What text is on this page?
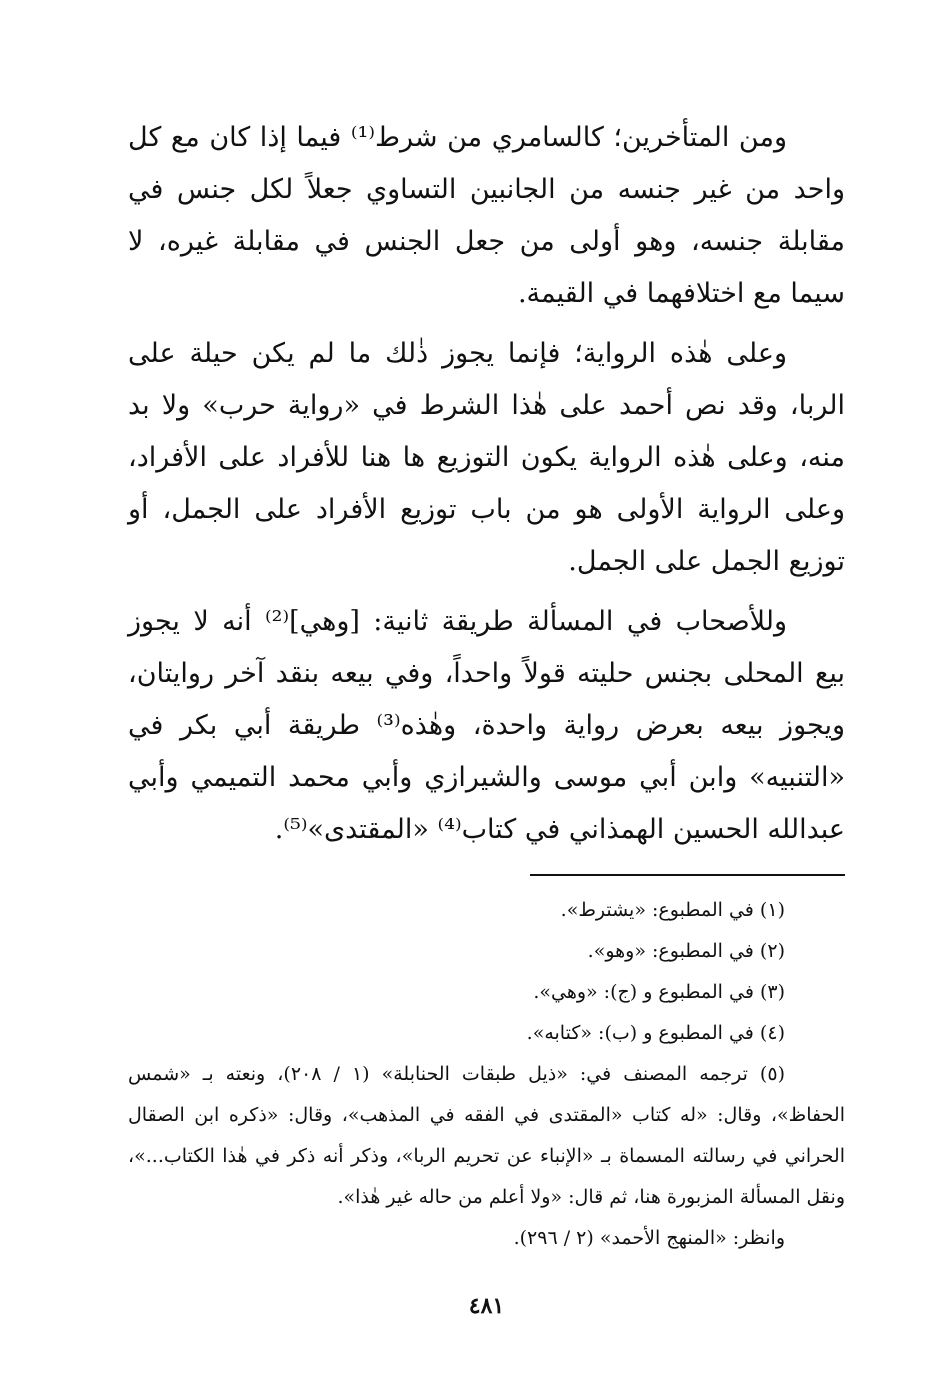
ومن المتأخرين؛ كالسامري من شرط⁽¹⁾ فيما إذا كان مع كل واحد من غير جنسه من الجانبين التساوي جعلاً لكل جنس في مقابلة جنسه، وهو أولى من جعل الجنس في مقابلة غيره، لا سيما مع اختلافهما في القيمة.

وعلى هٰذه الرواية؛ فإنما يجوز ذٰلك ما لم يكن حيلة على الربا، وقد نص أحمد على هٰذا الشرط في «رواية حرب» ولا بد منه، وعلى هٰذه الرواية يكون التوزيع ها هنا للأفراد على الأفراد، وعلى الرواية الأولى هو من باب توزيع الأفراد على الجمل، أو توزيع الجمل على الجمل.

وللأصحاب في المسألة طريقة ثانية: [وهي]⁽²⁾ أنه لا يجوز بيع المحلى بجنس حليته قولاً واحداً، وفي بيعه بنقد آخر روايتان، ويجوز بيعه بعرض رواية واحدة، وهٰذه⁽³⁾ طريقة أبي بكر في «التنبيه» وابن أبي موسى والشيرازي وأبي محمد التميمي وأبي عبدالله الحسين الهمذاني في كتاب⁽⁴⁾ «المقتدى»⁽⁵⁾.

(١) في المطبوع: «يشترط».

(٢) في المطبوع: «وهو».

(٣) في المطبوع و (ج): «وهي».

(٤) في المطبوع و (ب): «كتابه».

(٥) ترجمه المصنف في: «ذيل طبقات الحنابلة» (١ / ٢٠٨)، ونعته بـ «شمس الحفاظ»، وقال: «له كتاب «المقتدى في الفقه في المذهب»، وقال: «ذكره ابن الصقال الحراني في رسالته المسماة بـ «الإنباء عن تحريم الربا»، وذكر أنه ذكر في هٰذا الكتاب...»، ونقل المسألة المزبورة هنا، ثم قال: «ولا أعلم من حاله غير هٰذا».

وانظر: «المنهج الأحمد» (٢ / ٢٩٦).

٤٨١
